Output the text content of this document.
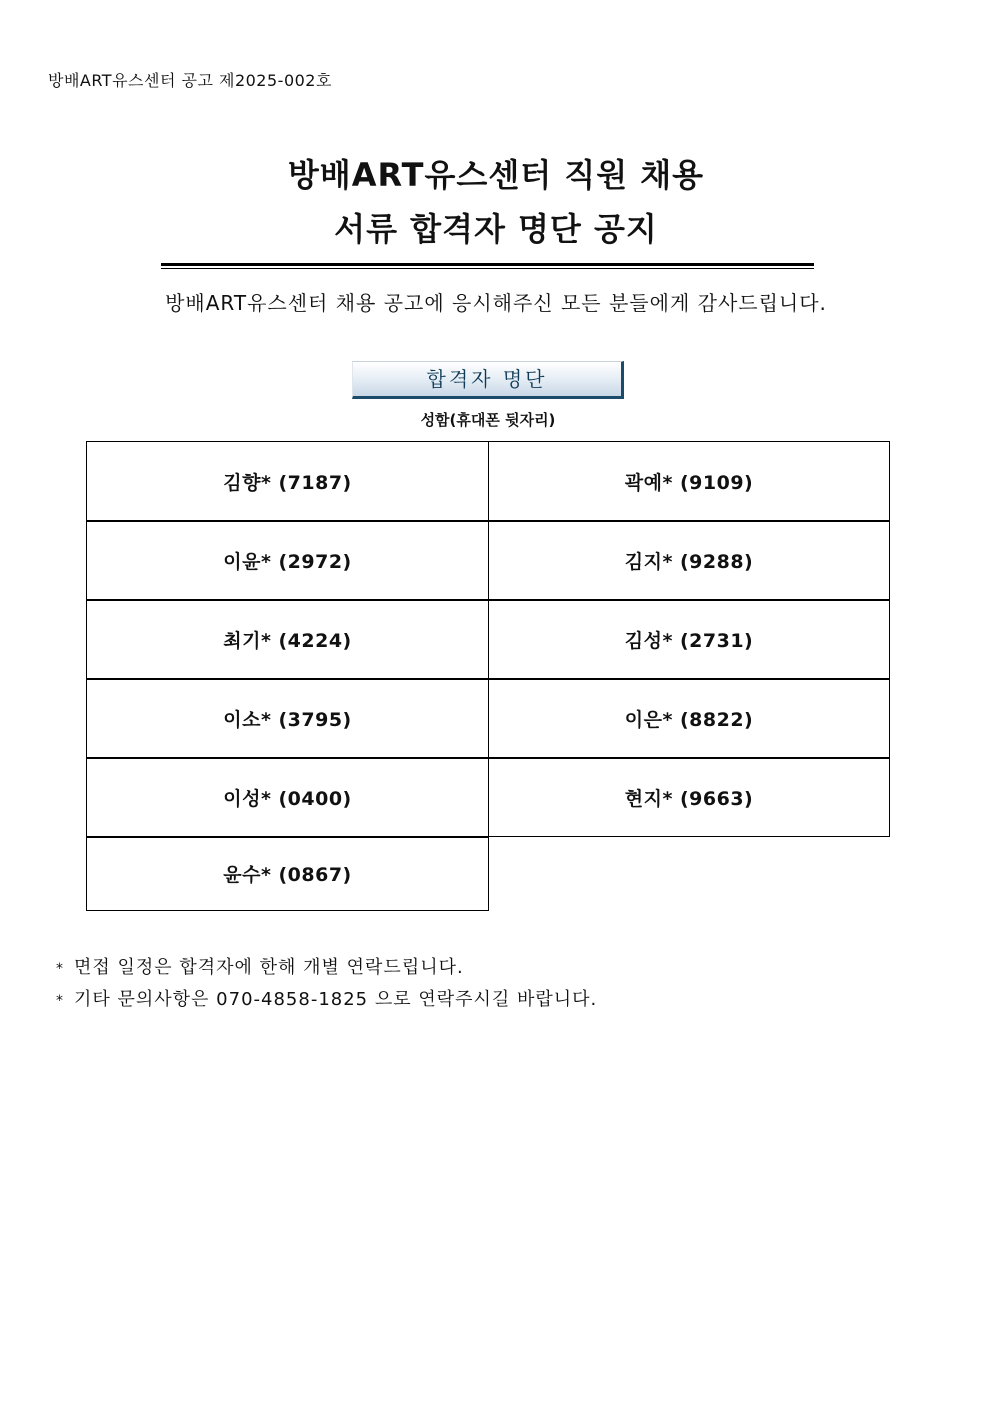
방배ART유스센터 공고 제2025-002호
방배ART유스센터 직원 채용
서류 합격자 명단 공지
방배ART유스센터 채용 공고에 응시해주신 모든 분들에게 감사드립니다.
합격자 명단
성함(휴대폰 뒷자리)
김향* (7187)	곽예* (9109)
이윤* (2972)	김지* (9288)
최기* (4224)	김성* (2731)
이소* (3795)	이은* (8822)
이성* (0400)	현지* (9663)
윤수* (0867)
* 면접 일정은 합격자에 한해 개별 연락드립니다.
* 기타 문의사항은 070-4858-1825 으로 연락주시길 바랍니다.
